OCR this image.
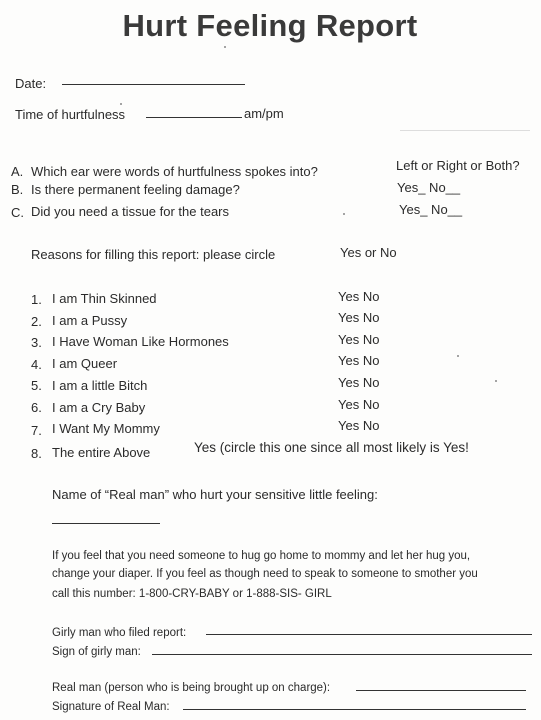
Hurt Feeling Report
Date:
Time of hurtfulness	am/pm
A. Which ear were words of hurtfulness spokes into?	Left or Right or Both?
B. Is there permanent feeling damage?	Yes_ No__
C. Did you need a tissue for the tears	Yes_ No__
Reasons for filling this report: please circle	Yes or No
1. I am Thin Skinned	Yes No
2. I am a Pussy	Yes No
3. I Have Woman Like Hormones	Yes No
4. I am Queer	Yes No
5. I am a little Bitch	Yes No
6. I am a Cry Baby	Yes No
7. I Want My Mommy	Yes No
8. The entire Above	Yes (circle this one since all most likely is Yes!
Name of “Real man” who hurt your sensitive little feeling:
If you feel that you need someone to hug go home to mommy and let her hug you,
change your diaper. If you feel as though need to speak to someone to smother you
call this number: 1-800-CRY-BABY or 1-888-SIS- GIRL
Girly man who filed report:
Sign of girly man:
Real man (person who is being brought up on charge):
Signature of Real Man:
